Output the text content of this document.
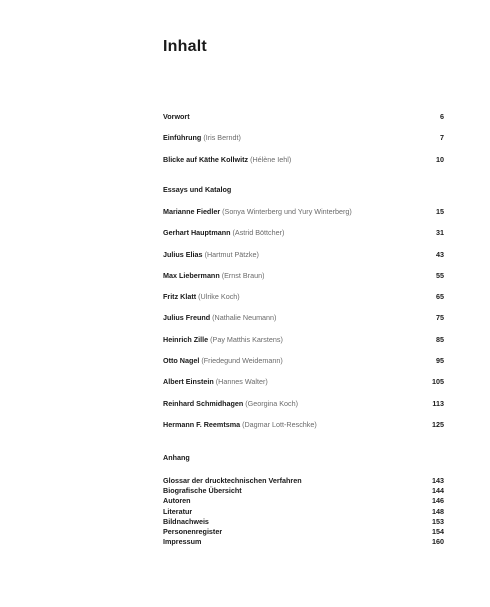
Inhalt
Vorwort	6
Einführung (Iris Berndt)	7
Blicke auf Käthe Kollwitz (Hélène Iehl)	10
Essays und Katalog
Marianne Fiedler (Sonya Winterberg und Yury Winterberg)	15
Gerhart Hauptmann (Astrid Böttcher)	31
Julius Elias (Hartmut Pätzke)	43
Max Liebermann (Ernst Braun)	55
Fritz Klatt (Ulrike Koch)	65
Julius Freund (Nathalie Neumann)	75
Heinrich Zille (Pay Matthis Karstens)	85
Otto Nagel (Friedegund Weidemann)	95
Albert Einstein (Hannes Walter)	105
Reinhard Schmidhagen (Georgina Koch)	113
Hermann F. Reemtsma (Dagmar Lott-Reschke)	125
Anhang
Glossar der drucktechnischen Verfahren	143
Biografische Übersicht	144
Autoren	146
Literatur	148
Bildnachweis	153
Personenregister	154
Impressum	160
